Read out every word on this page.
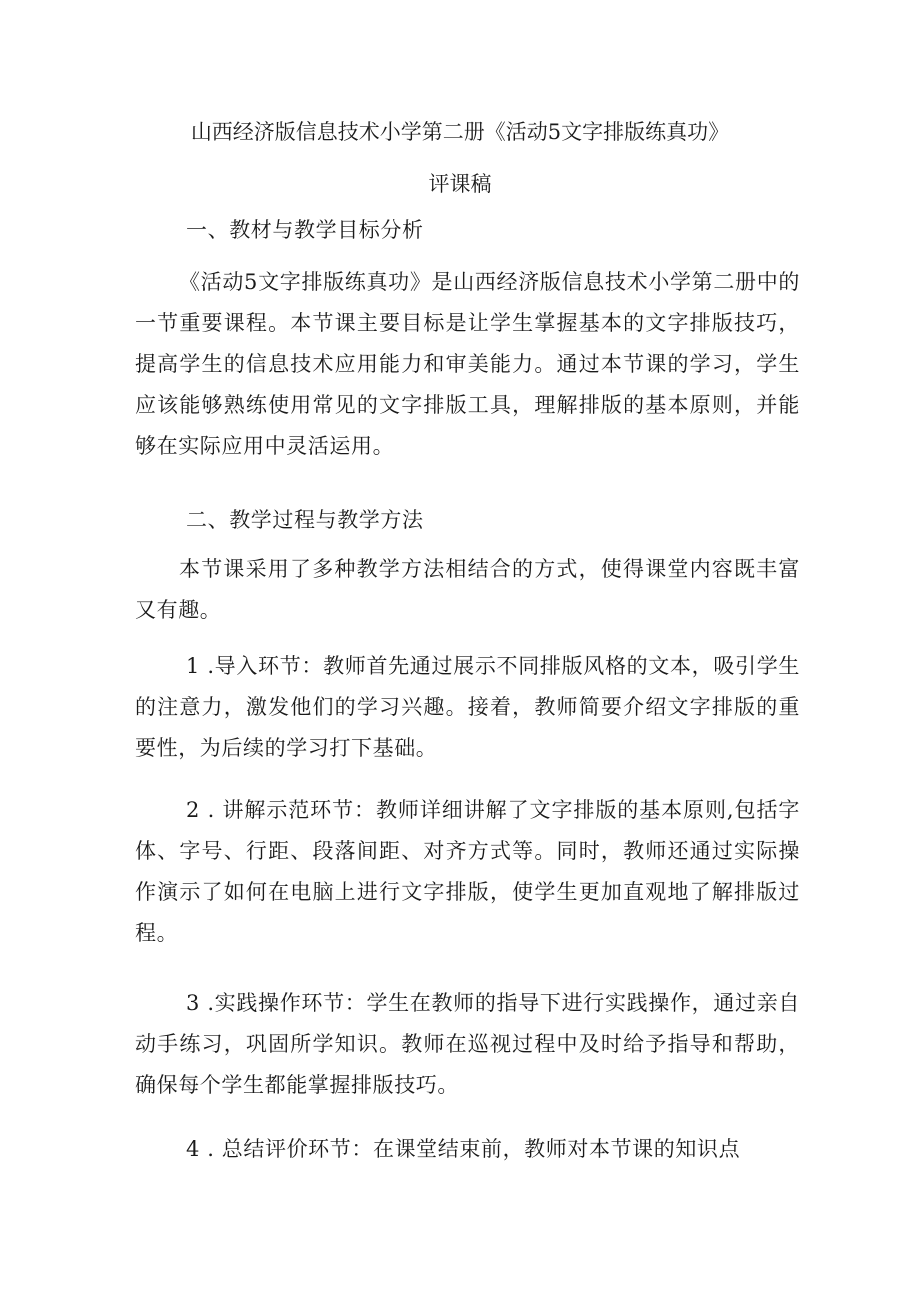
山西经济版信息技术小学第二册《活动5文字排版练真功》
评课稿
一、教材与教学目标分析
《活动5文字排版练真功》是山西经济版信息技术小学第二册中的一节重要课程。本节课主要目标是让学生掌握基本的文字排版技巧，提高学生的信息技术应用能力和审美能力。通过本节课的学习，学生应该能够熟练使用常见的文字排版工具，理解排版的基本原则，并能够在实际应用中灵活运用。
二、教学过程与教学方法
本节课采用了多种教学方法相结合的方式，使得课堂内容既丰富又有趣。
1 .导入环节：教师首先通过展示不同排版风格的文本，吸引学生的注意力，激发他们的学习兴趣。接着，教师简要介绍文字排版的重要性，为后续的学习打下基础。
2 . 讲解示范环节：教师详细讲解了文字排版的基本原则,包括字体、字号、行距、段落间距、对齐方式等。同时，教师还通过实际操作演示了如何在电脑上进行文字排版，使学生更加直观地了解排版过程。
3 .实践操作环节：学生在教师的指导下进行实践操作，通过亲自动手练习，巩固所学知识。教师在巡视过程中及时给予指导和帮助，确保每个学生都能掌握排版技巧。
4 . 总结评价环节：在课堂结束前，教师对本节课的知识点
